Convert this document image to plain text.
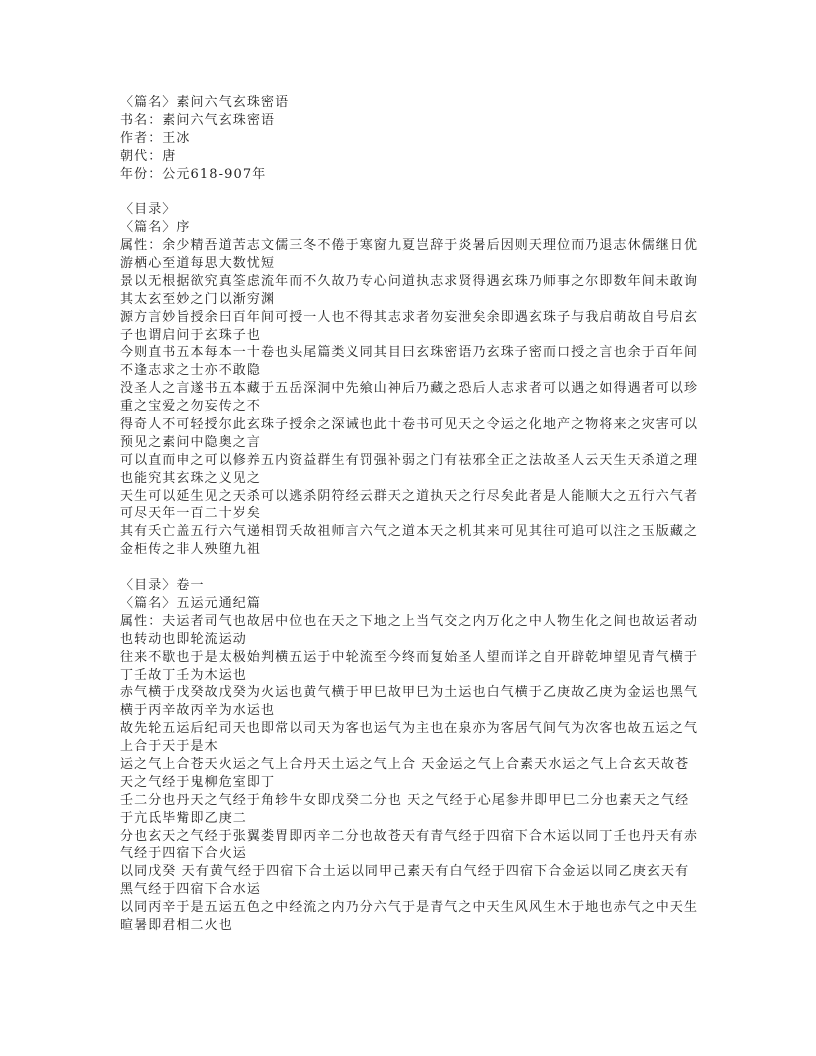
〈篇名〉素问六气玄珠密语
书名：素问六气玄珠密语
作者：王冰
朝代：唐
年份：公元618-907年
〈目录〉
〈篇名〉序
属性：余少精吾道苦志文儒三冬不倦于寒窗九夏岂辞于炎暑后因则天理位而乃退志休儒继日优
游栖心至道每思大数忧短
景以无根据欲究真筌虑流年而不久故乃专心问道执志求贤得遇玄珠乃师事之尔即数年间未敢询
其太玄至妙之门以渐穷渊
源方言妙旨授余曰百年间可授一人也不得其志求者勿妄泄矣余即遇玄珠子与我启萌故自号启玄
子也谓启问于玄珠子也
今则直书五本每本一十卷也头尾篇类义同其目曰玄珠密语乃玄珠子密而口授之言也余于百年间
不逢志求之士亦不敢隐
没圣人之言遂书五本藏于五岳深洞中先飨山神后乃藏之恐后人志求者可以遇之如得遇者可以珍
重之宝爱之勿妄传之不
得奇人不可轻授尔此玄珠子授余之深诫也此十卷书可见天之令运之化地产之物将来之灾害可以
预见之素问中隐奥之言
可以直而申之可以修养五内资益群生有罚强补弱之门有祛邪全正之法故圣人云天生天杀道之理
也能究其玄珠之义见之
天生可以延生见之天杀可以逃杀阴符经云群天之道执天之行尽矣此者是人能顺大之五行六气者
可尽天年一百二十岁矣
其有夭亡盖五行六气递相罚夭故祖师言六气之道本天之机其来可见其往可追可以注之玉版藏之
金柜传之非人殃堕九祖
〈目录〉卷一
〈篇名〉五运元通纪篇
属性：夫运者司气也故居中位也在天之下地之上当气交之内万化之中人物生化之间也故运者动
也转动也即轮流运动
往来不歇也于是太极始判横五运于中轮流至今终而复始圣人望而详之自开辟乾坤望见青气横于
丁壬故丁壬为木运也
赤气横于戊癸故戊癸为火运也黄气横于甲巳故甲巳为土运也白气横于乙庚故乙庚为金运也黑气
横于丙辛故丙辛为水运也
故先轮五运后纪司天也即常以司天为客也运气为主也在泉亦为客居气间气为次客也故五运之气
上合于天于是木
运之气上合苍天火运之气上合丹天土运之气上合 天金运之气上合素天水运之气上合玄天故苍
天之气经于鬼柳危室即丁
壬二分也丹天之气经于角轸牛女即戊癸二分也 天之气经于心尾参井即甲巳二分也素天之气经
于亢氐毕觜即乙庚二
分也玄天之气经于张翼娄胃即丙辛二分也故苍天有青气经于四宿下合木运以同丁壬也丹天有赤
气经于四宿下合火运
以同戊癸 天有黄气经于四宿下合土运以同甲己素天有白气经于四宿下合金运以同乙庚玄天有
黑气经于四宿下合水运
以同丙辛于是五运五色之中经流之内乃分六气于是青气之中天生风风生木于地也赤气之中天生
暄暑即君相二火也
